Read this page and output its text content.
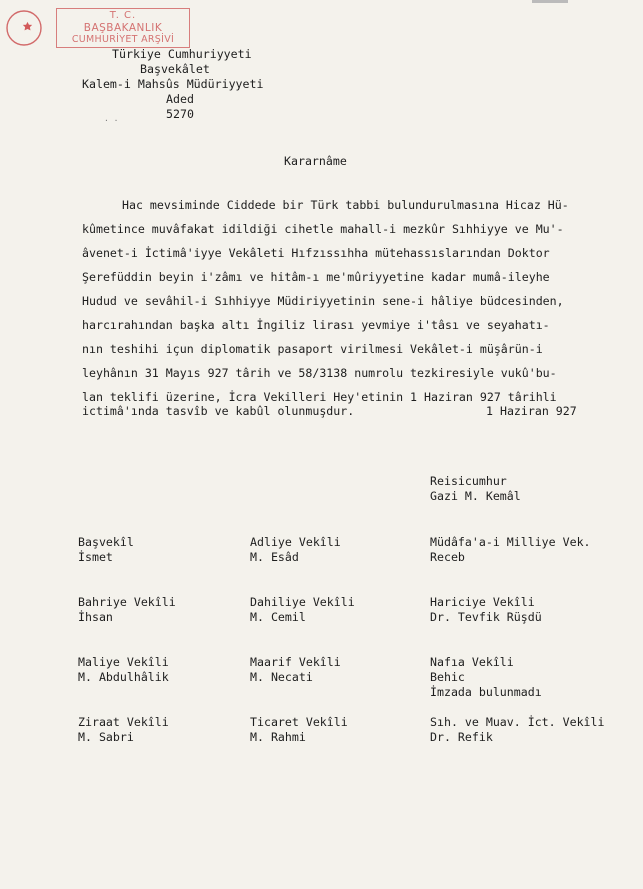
T. C.
BAŞBAKANLIK
CUMHURİYET ARŞİVİ
Türkiye Cumhuriyyeti
Başvekâlet
Kalem-i Mahsûs Müdüriyyeti
Aded
5270
· ·
Kararnâme
Hac mevsiminde Ciddede bir Türk tabbi bulundurulmasına Hicaz Hü-
kûmetince muvâfakat idildiği cihetle mahall-i mezkûr Sıhhiyye ve Mu'-
âvenet-i İctimâ'iyye Vekâleti Hıfzıssıhha mütehassıslarından Doktor
Şerefüddin beyin i'zâmı ve hitâm-ı me'mûriyyetine kadar mumâ-ileyhe
Hudud ve sevâhil-i Sıhhiyye Müdiriyyetinin sene-i hâliye büdcesinden,
harcırahından başka altı İngiliz lirası yevmiye i'tâsı ve seyahatı-
nın teshihi içun diplomatik pasaport virilmesi Vekâlet-i müşârün-i
leyhânın 31 Mayıs 927 târih ve 58/3138 numrolu tezkiresiyle vukû'bu-
lan teklifi üzerine, İcra Vekilleri Hey'etinin 1 Haziran 927 târihli
ictimâ'ında tasvîb ve kabûl olunmuşdur.	1 Haziran 927
Reisicumhur
Gazi M. Kemâl
Başvekîl
İsmet
Adliye Vekîli
M. Esâd
Müdâfa'a-i Milliye Vek.
Receb
Bahriye Vekîli
İhsan
Dahiliye Vekîli
M. Cemil
Hariciye Vekîli
Dr. Tevfik Rüşdü
Maliye Vekîli
M. Abdulhâlik
Maarif Vekîli
M. Necati
Nafıa Vekîli
Behic
İmzada bulunmadı
Ziraat Vekîli
M. Sabri
Ticaret Vekîli
M. Rahmi
Sıh. ve Muav. İct. Vekîli
Dr. Refik
